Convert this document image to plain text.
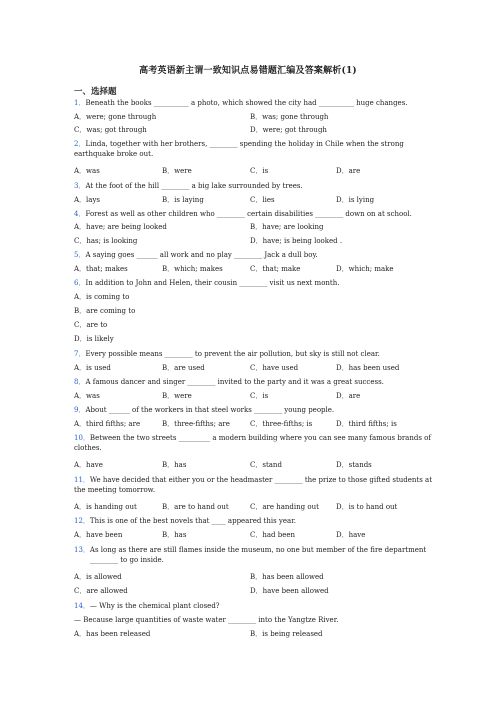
高考英语新主谓一致知识点易错题汇编及答案解析(1)
一、选择题
1．Beneath the books __________ a photo, which showed the city had __________ huge changes.
A．were; gone through	B．was; gone through
C．was; got through	D．were; got through
2．Linda, together with her brothers, ________ spending the holiday in Chile when the strong earthquake broke out.
A．was	B．were	C．is	D．are
3．At the foot of the hill ________ a big lake surrounded by trees.
A．lays	B．is laying	C．lies	D．is lying
4．Forest as well as other children who ________ certain disabilities ________ down on at school.
A．have; are being looked	B．have; are looking
C．has; is looking	D．have; is being looked .
5．A saying goes ______ all work and no play ________ Jack a dull boy.
A．that; makes	B．which; makes	C．that; make	D．which; make
6．In addition to John and Helen, their cousin ________ visit us next month.
A．is coming to
B．are coming to
C．are to
D．is likely
7．Every possible means ________ to prevent the air pollution, but sky is still not clear.
A．is used	B．are used	C．have used	D．has been used
8．A famous dancer and singer ________ invited to the party and it was a great success.
A．was	B．were	C．is	D．are
9．About ______ of the workers in that steel works ________ young people.
A．third fifths; are	B．three-fifths; are	C．three-fifths; is	D．third fifths; is
10．Between the two streets _________ a modern building where you can see many famous brands of clothes.
A．have	B．has	C．stand	D．stands
11．We have decided that either you or the headmaster ________ the prize to those gifted students at the meeting tomorrow.
A．is handing out	B．are to hand out	C．are handing out D．is to hand out
12．This is one of the best novels that ____ appeared this year.
A．have been	B．has	C．had been	D．have
13．As long as there are still flames inside the museum, no one but member of the fire department ________ to go inside.
A．is allowed	B．has been allowed
C．are allowed	D．have been allowed
14．— Why is the chemical plant closed?
— Because large quantities of waste water ________ into the Yangtze River.
A．has been released	B．is being released
